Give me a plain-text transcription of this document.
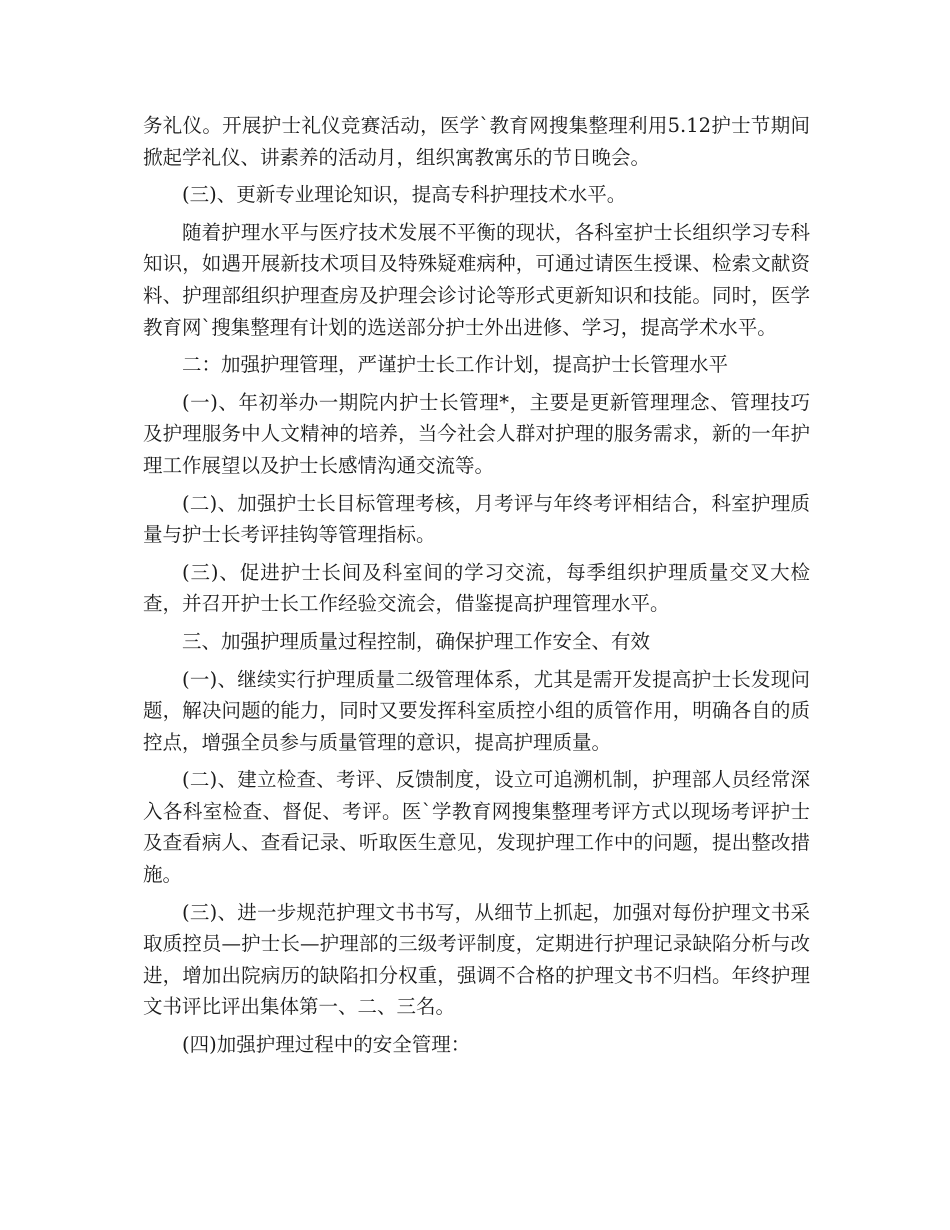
务礼仪。开展护士礼仪竞赛活动，医学`教育网搜集整理利用5.12护士节期间掀起学礼仪、讲素养的活动月，组织寓教寓乐的节日晚会。

(三)、更新专业理论知识，提高专科护理技术水平。

随着护理水平与医疗技术发展不平衡的现状，各科室护士长组织学习专科知识，如遇开展新技术项目及特殊疑难病种，可通过请医生授课、检索文献资料、护理部组织护理查房及护理会诊讨论等形式更新知识和技能。同时，医学教育网`搜集整理有计划的选送部分护士外出进修、学习，提高学术水平。

二：加强护理管理，严谨护士长工作计划，提高护士长管理水平

(一)、年初举办一期院内护士长管理*，主要是更新管理理念、管理技巧及护理服务中人文精神的培养，当今社会人群对护理的服务需求，新的一年护理工作展望以及护士长感情沟通交流等。

(二)、加强护士长目标管理考核，月考评与年终考评相结合，科室护理质量与护士长考评挂钩等管理指标。

(三)、促进护士长间及科室间的学习交流，每季组织护理质量交叉大检查，并召开护士长工作经验交流会，借鉴提高护理管理水平。

三、加强护理质量过程控制，确保护理工作安全、有效

(一)、继续实行护理质量二级管理体系，尤其是需开发提高护士长发现问题，解决问题的能力，同时又要发挥科室质控小组的质管作用，明确各自的质控点，增强全员参与质量管理的意识，提高护理质量。

(二)、建立检查、考评、反馈制度，设立可追溯机制，护理部人员经常深入各科室检查、督促、考评。医`学教育网搜集整理考评方式以现场考评护士及查看病人、查看记录、听取医生意见，发现护理工作中的问题，提出整改措施。

(三)、进一步规范护理文书书写，从细节上抓起，加强对每份护理文书采取质控员—护士长—护理部的三级考评制度，定期进行护理记录缺陷分析与改进，增加出院病历的缺陷扣分权重，强调不合格的护理文书不归档。年终护理文书评比评出集体第一、二、三名。

(四)加强护理过程中的安全管理：
